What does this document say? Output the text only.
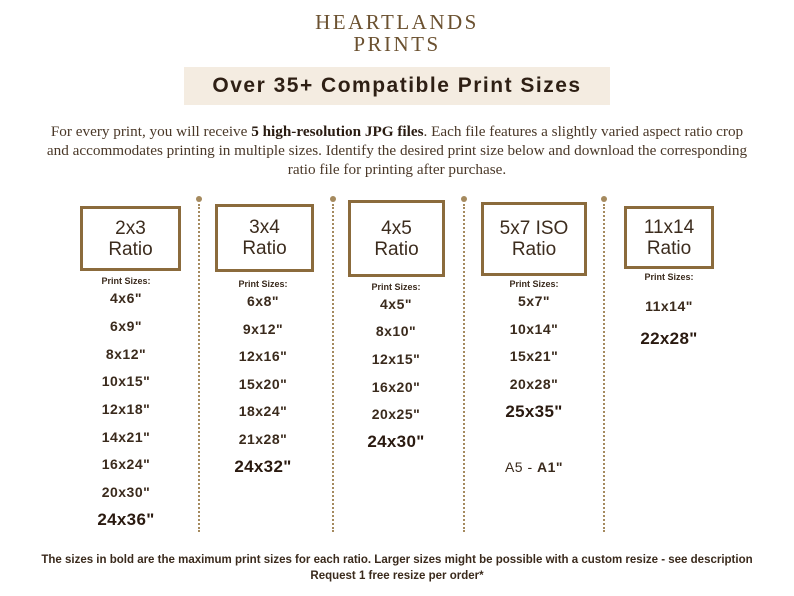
HEARTLANDS
PRINTS
Over 35+ Compatible Print Sizes
For every print, you will receive 5 high-resolution JPG files. Each file features a slightly varied aspect ratio crop and accommodates printing in multiple sizes. Identify the desired print size below and download the corresponding ratio file for printing after purchase.
2x3
Ratio
Print Sizes:
4x6"
6x9"
8x12"
10x15"
12x18"
14x21"
16x24"
20x30"
24x36"
3x4
Ratio
Print Sizes:
6x8"
9x12"
12x16"
15x20"
18x24"
21x28"
24x32"
4x5
Ratio
Print Sizes:
4x5"
8x10"
12x15"
16x20"
20x25"
24x30"
5x7 ISO
Ratio
Print Sizes:
5x7"
10x14"
15x21"
20x28"
25x35"
A5 - A1"
11x14
Ratio
Print Sizes:
11x14"
22x28"
The sizes in bold are the maximum print sizes for each ratio. Larger sizes might be possible with a custom resize - see description
Request 1 free resize per order*
